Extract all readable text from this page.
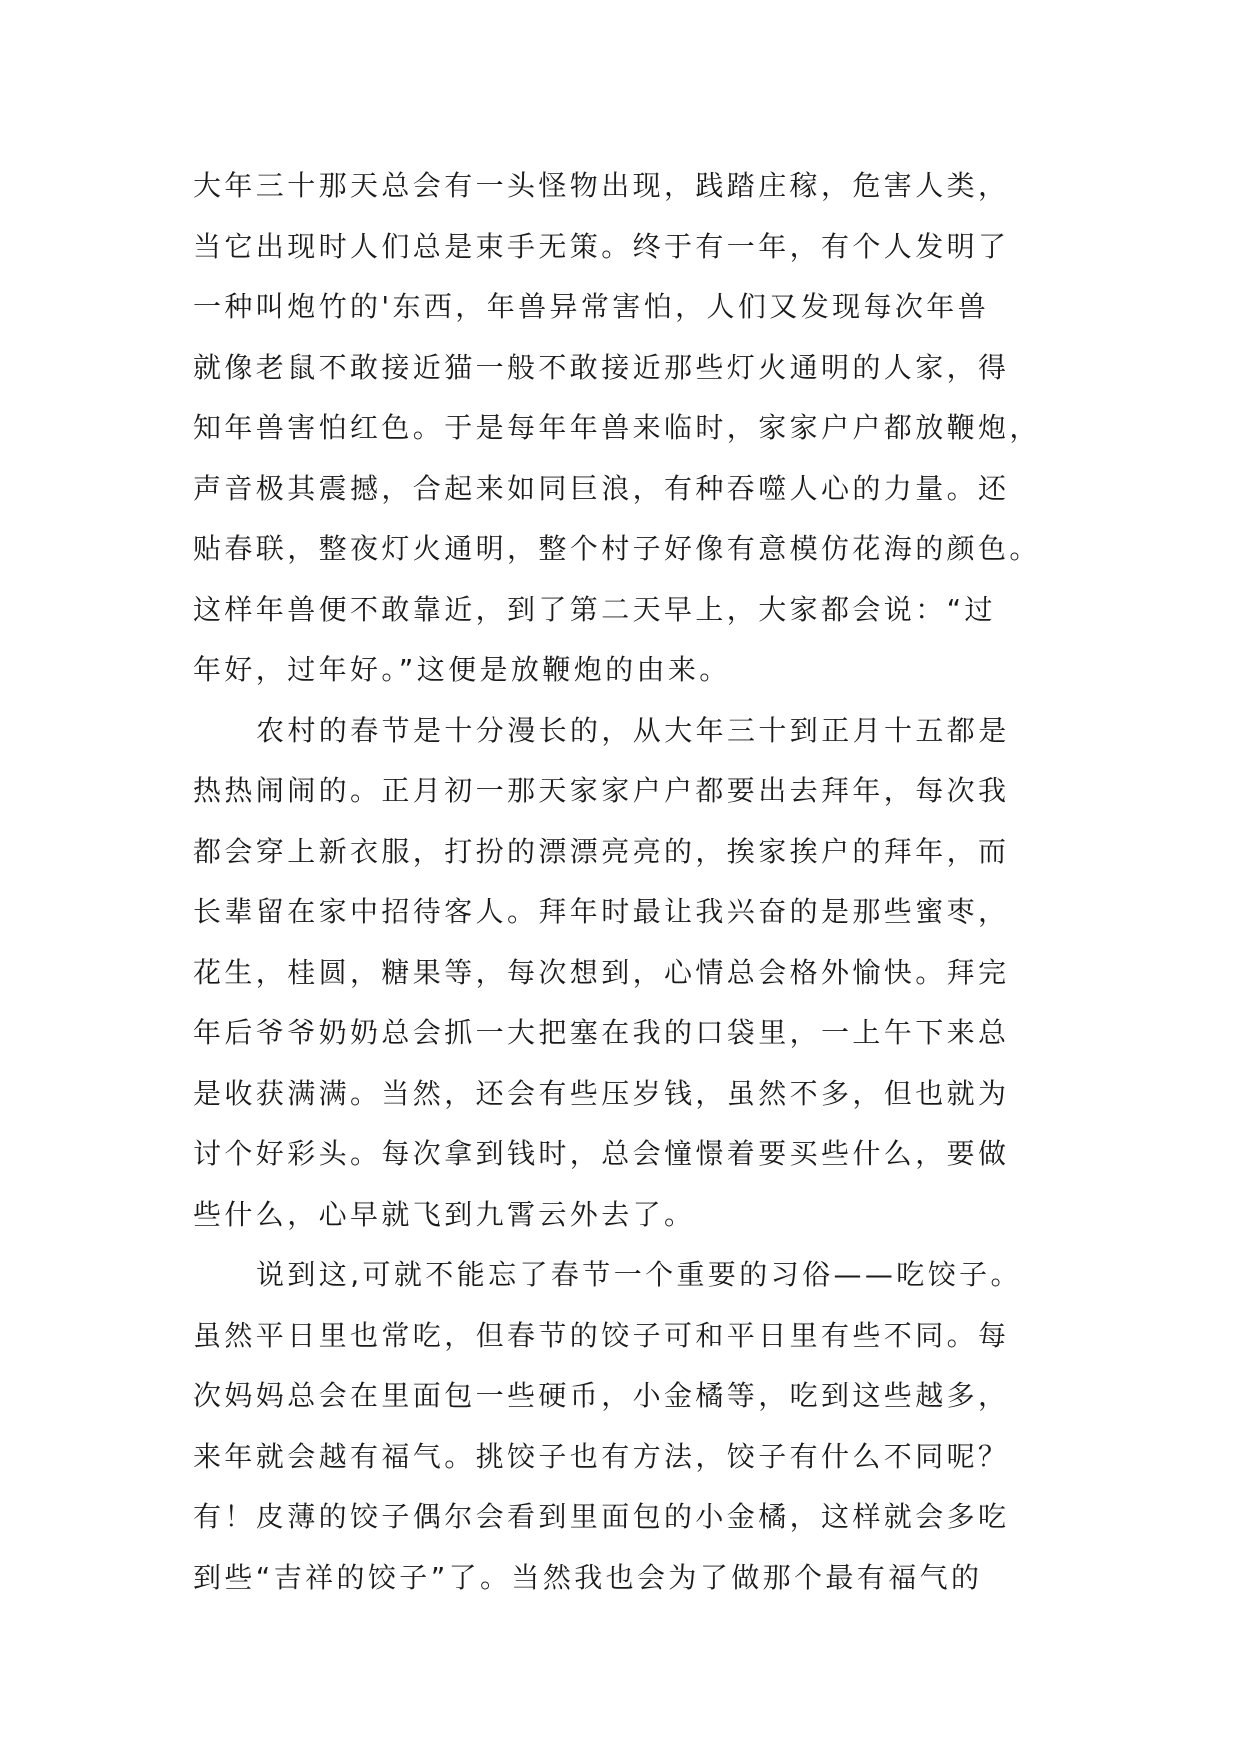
大年三十那天总会有一头怪物出现，践踏庄稼，危害人类，
当它出现时人们总是束手无策。终于有一年，有个人发明了
一种叫炮竹的'东西，年兽异常害怕，人们又发现每次年兽
就像老鼠不敢接近猫一般不敢接近那些灯火通明的人家，得
知年兽害怕红色。于是每年年兽来临时，家家户户都放鞭炮，
声音极其震撼，合起来如同巨浪，有种吞噬人心的力量。还
贴春联，整夜灯火通明，整个村子好像有意模仿花海的颜色。
这样年兽便不敢靠近，到了第二天早上，大家都会说：“过
年好，过年好。”这便是放鞭炮的由来。
农村的春节是十分漫长的，从大年三十到正月十五都是
热热闹闹的。正月初一那天家家户户都要出去拜年，每次我
都会穿上新衣服，打扮的漂漂亮亮的，挨家挨户的拜年，而
长辈留在家中招待客人。拜年时最让我兴奋的是那些蜜枣，
花生，桂圆，糖果等，每次想到，心情总会格外愉快。拜完
年后爷爷奶奶总会抓一大把塞在我的口袋里，一上午下来总
是收获满满。当然，还会有些压岁钱，虽然不多，但也就为
讨个好彩头。每次拿到钱时，总会憧憬着要买些什么，要做
些什么，心早就飞到九霄云外去了。
说到这,可就不能忘了春节一个重要的习俗——吃饺子。
虽然平日里也常吃，但春节的饺子可和平日里有些不同。每
次妈妈总会在里面包一些硬币，小金橘等，吃到这些越多，
来年就会越有福气。挑饺子也有方法，饺子有什么不同呢？
有！皮薄的饺子偶尔会看到里面包的小金橘，这样就会多吃
到些“吉祥的饺子”了。当然我也会为了做那个最有福气的
